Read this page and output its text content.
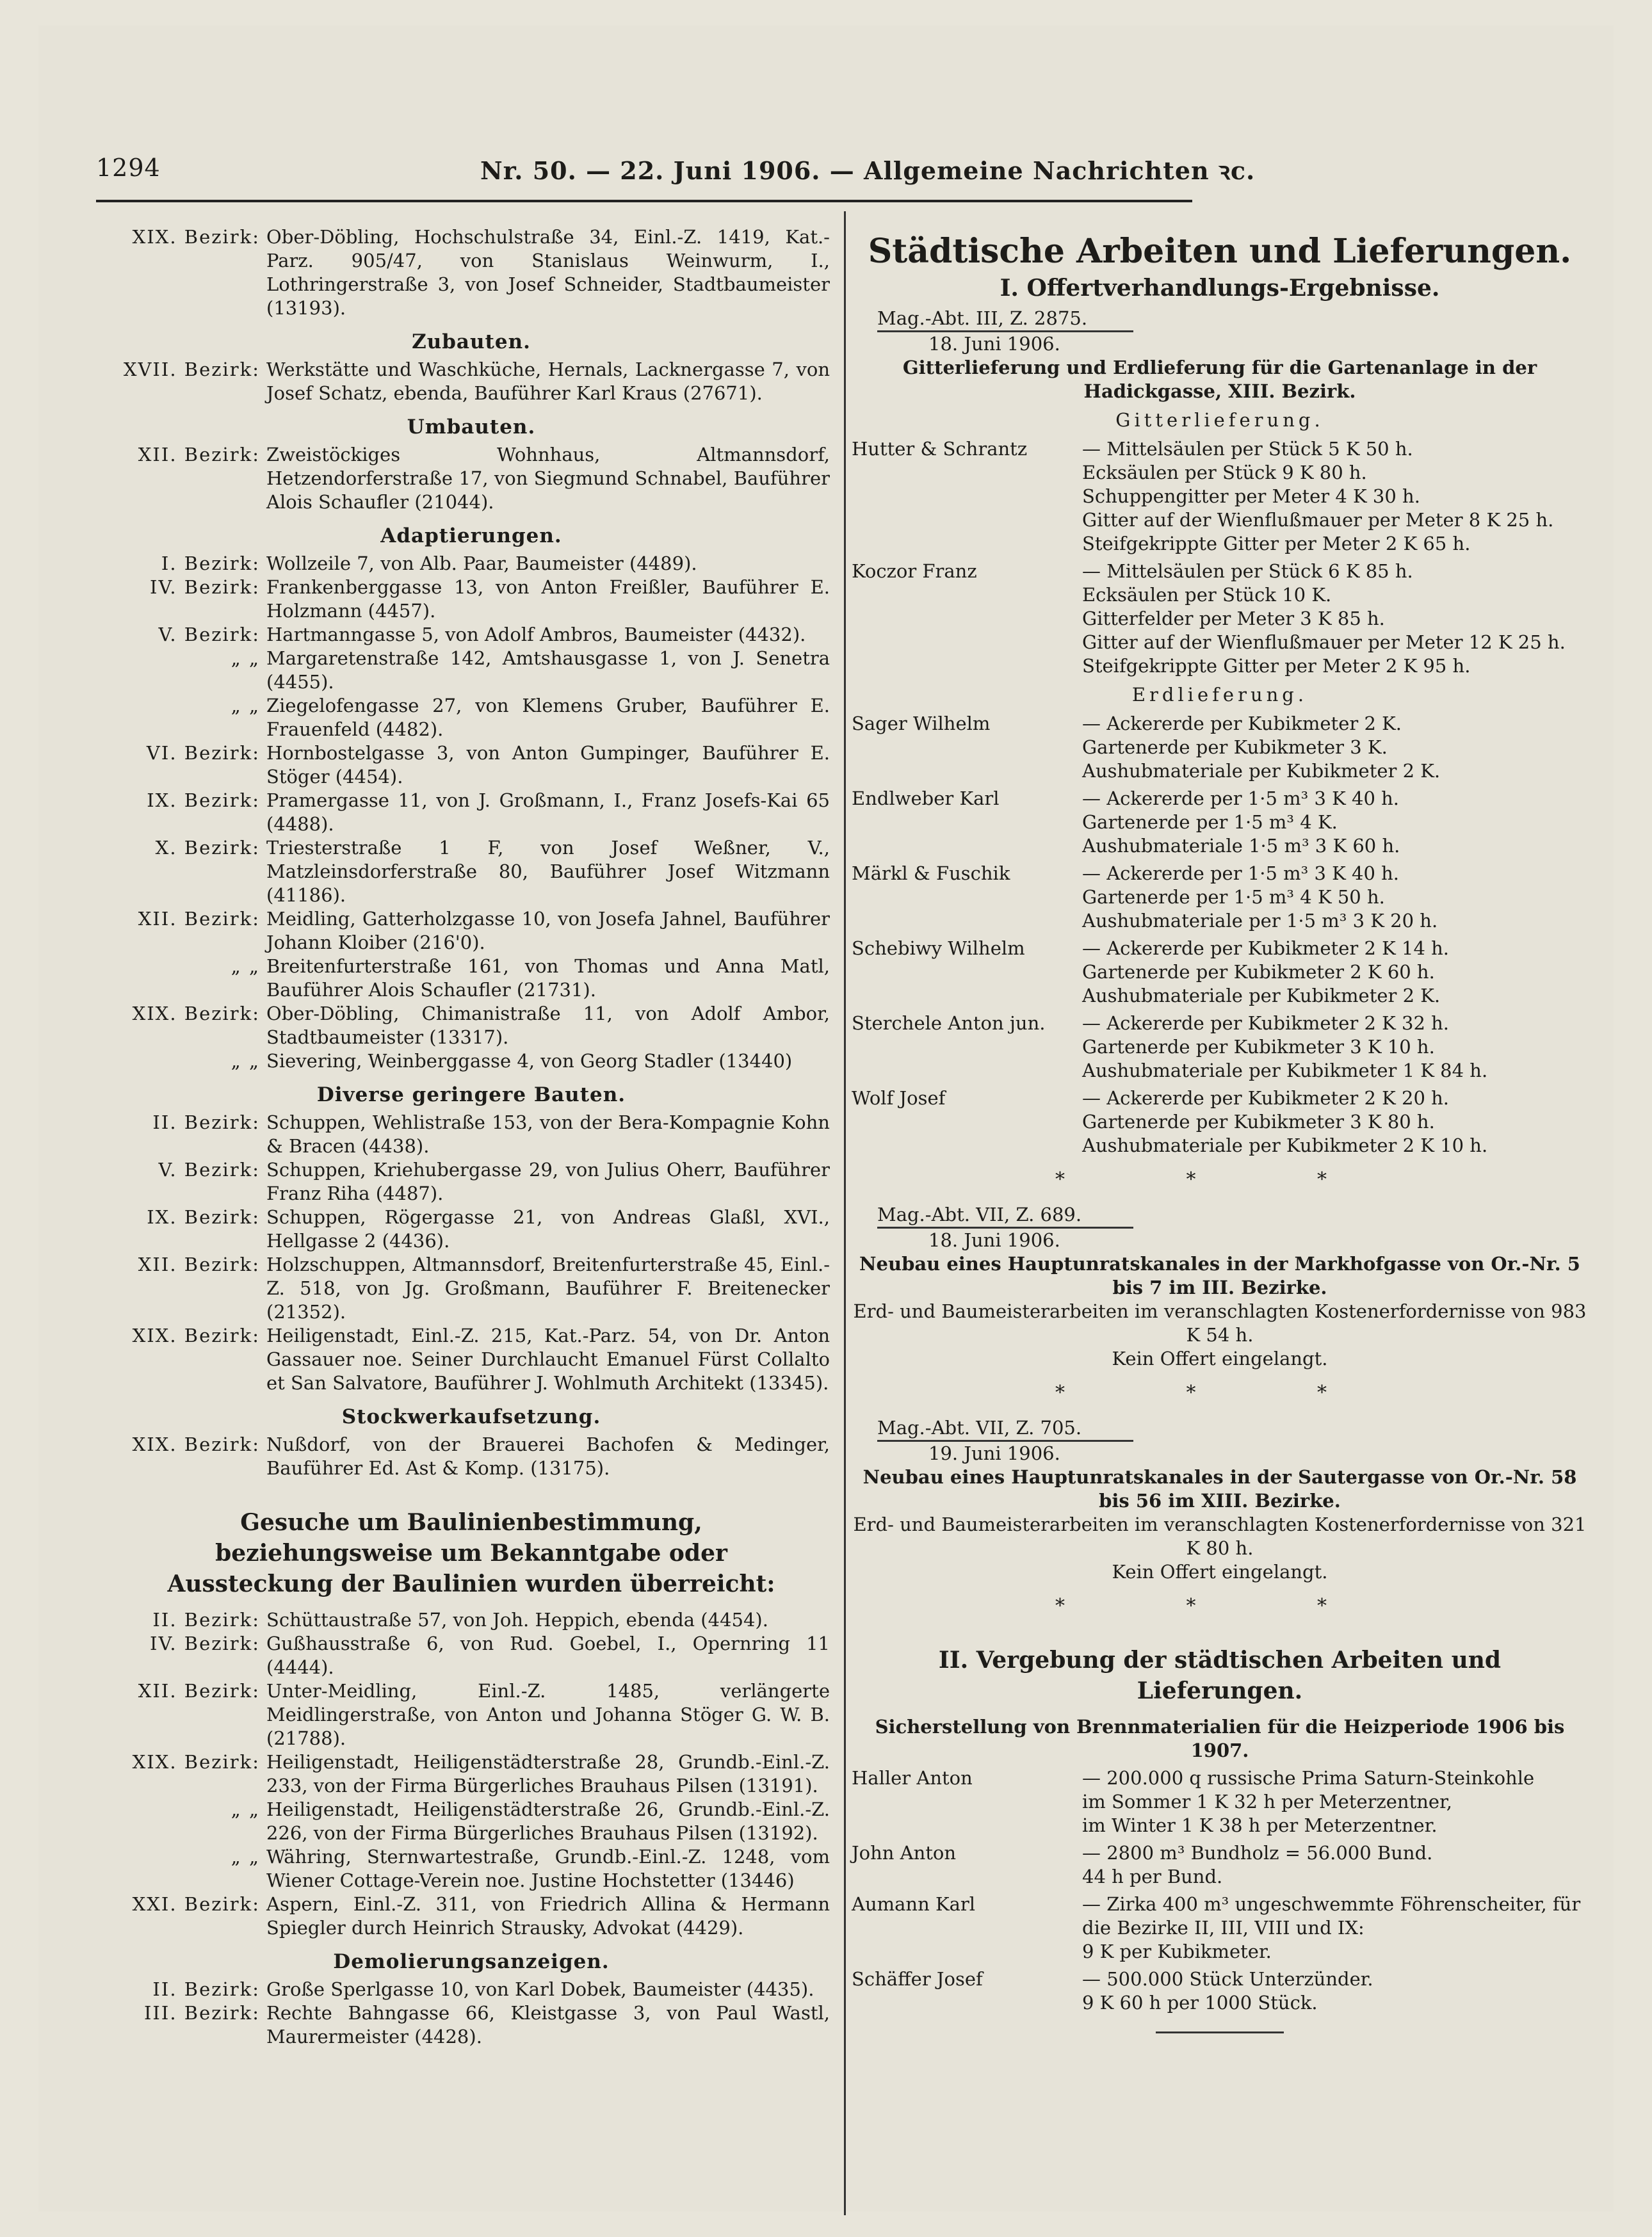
1294	Nr. 50. — 22. Juni 1906. — Allgemeine Nachrichten ꝛc.
XIX. Bezirk: Ober-Döbling, Hochschulstraße 34, Einl.-Z. 1419, Kat.-Parz. 905/47, von Stanislaus Weinwurm, I., Lothringerstraße 3, von Josef Schneider, Stadtbaumeister (13193).
Zubauten.
XVII. Bezirk: Werkstätte und Waschküche, Hernals, Lacknergasse 7, von Josef Schatz, ebenda, Bauführer Karl Kraus (27671).
Umbauten.
XII. Bezirk: Zweistöckiges Wohnhaus, Altmannsdorf, Hetzendorferstraße 17, von Siegmund Schnabel, Bauführer Alois Schaufler (21044).
Adaptierungen.
I. Bezirk: Wollzeile 7, von Alb. Paar, Baumeister (4489).
IV. Bezirk: Frankenberggasse 13, von Anton Freißler, Bauführer E. Holzmann (4457).
V. Bezirk: Hartmanngasse 5, von Adolf Ambros, Baumeister (4432).
„ „ Margaretenstraße 142, Amtshausgasse 1, von J. Senetra (4455).
„ „ Ziegelofengasse 27, von Klemens Gruber, Bauführer E. Frauenfeld (4482).
VI. Bezirk: Hornbostelgasse 3, von Anton Gumpinger, Bauführer E. Stöger (4454).
IX. Bezirk: Pramergasse 11, von J. Großmann, I., Franz Josefs-Kai 65 (4488).
X. Bezirk: Triesterstraße 1 F, von Josef Weßner, V., Matzleinsdorferstraße 80, Bauführer Josef Witzmann (41186).
XII. Bezirk: Meidling, Gatterholzgasse 10, von Josefa Jahnel, Bauführer Johann Kloiber (216'0).
„ „ Breitenfurterstraße 161, von Thomas und Anna Matl, Bauführer Alois Schaufler (21731).
XIX. Bezirk: Ober-Döbling, Chimanistraße 11, von Adolf Ambor, Stadtbaumeister (13317).
„ „ Sievering, Weinberggasse 4, von Georg Stadler (13440)
Diverse geringere Bauten.
II. Bezirk: Schuppen, Wehlistraße 153, von der Bera-Kompagnie Kohn & Bracen (4438).
V. Bezirk: Schuppen, Kriehubergasse 29, von Julius Oherr, Bauführer Franz Riha (4487).
IX. Bezirk: Schuppen, Rögergasse 21, von Andreas Glaßl, XVI., Hellgasse 2 (4436).
XII. Bezirk: Holzschuppen, Altmannsdorf, Breitenfurterstraße 45, Einl.-Z. 518, von Jg. Großmann, Bauführer F. Breitenecker (21352).
XIX. Bezirk: Heiligenstadt, Einl.-Z. 215, Kat.-Parz. 54, von Dr. Anton Gassauer noe. Seiner Durchlaucht Emanuel Fürst Collalto et San Salvatore, Bauführer J. Wohlmuth Architekt (13345).
Stockwerkaufsetzung.
XIX. Bezirk: Nußdorf, von der Brauerei Bachofen & Medinger, Bauführer Ed. Ast & Komp. (13175).
Gesuche um Baulinienbestimmung, beziehungsweise um Bekanntgabe oder Aussteckung der Baulinien wurden überreicht:
II. Bezirk: Schüttaustraße 57, von Joh. Heppich, ebenda (4454).
IV. Bezirk: Gußhausstraße 6, von Rud. Goebel, I., Opernring 11 (4444).
XII. Bezirk: Unter-Meidling, Einl.-Z. 1485, verlängerte Meidlingerstraße, von Anton und Johanna Stöger G. W. B. (21788).
XIX. Bezirk: Heiligenstadt, Heiligenstädterstraße 28, Grundb.-Einl.-Z. 233, von der Firma Bürgerliches Brauhaus Pilsen (13191).
„ „ Heiligenstadt, Heiligenstädterstraße 26, Grundb.-Einl.-Z. 226, von der Firma Bürgerliches Brauhaus Pilsen (13192).
„ „ Währing, Sternwartestraße, Grundb.-Einl.-Z. 1248, vom Wiener Cottage-Verein noe. Justine Hochstetter (13446)
XXI. Bezirk: Aspern, Einl.-Z. 311, von Friedrich Allina & Hermann Spiegler durch Heinrich Strausky, Advokat (4429).
Demolierungsanzeigen.
II. Bezirk: Große Sperlgasse 10, von Karl Dobek, Baumeister (4435).
III. Bezirk: Rechte Bahngasse 66, Kleistgasse 3, von Paul Wastl, Maurermeister (4428).
Städtische Arbeiten und Lieferungen.
I. Offertverhandlungs-Ergebnisse.
Mag.-Abt. III, Z. 2875.
18. Juni 1906.
Gitterlieferung und Erdlieferung für die Gartenanlage in der Hadickgasse, XIII. Bezirk.
Gitterlieferung.
Hutter & Schrantz	— Mittelsäulen per Stück 5 K 50 h.
Ecksäulen per Stück 9 K 80 h.
Schuppengitter per Meter 4 K 30 h.
Gitter auf der Wienflußmauer per Meter 8 K 25 h.
Steifgekrippte Gitter per Meter 2 K 65 h.
Koczor Franz	— Mittelsäulen per Stück 6 K 85 h.
Ecksäulen per Stück 10 K.
Gitterfelder per Meter 3 K 85 h.
Gitter auf der Wienflußmauer per Meter 12 K 25 h.
Steifgekrippte Gitter per Meter 2 K 95 h.
Erdlieferung.
Sager Wilhelm	— Ackererde per Kubikmeter 2 K.
Gartenerde per Kubikmeter 3 K.
Aushubmateriale per Kubikmeter 2 K.
Endlweber Karl	— Ackererde per 1·5 m³ 3 K 40 h.
Gartenerde per 1·5 m³ 4 K.
Aushubmateriale 1·5 m³ 3 K 60 h.
Märkl & Fuschik	— Ackererde per 1·5 m³ 3 K 40 h.
Gartenerde per 1·5 m³ 4 K 50 h.
Aushubmateriale per 1·5 m³ 3 K 20 h.
Schebiwy Wilhelm	— Ackererde per Kubikmeter 2 K 14 h.
Gartenerde per Kubikmeter 2 K 60 h.
Aushubmateriale per Kubikmeter 2 K.
Sterchele Anton jun.	— Ackererde per Kubikmeter 2 K 32 h.
Gartenerde per Kubikmeter 3 K 10 h.
Aushubmateriale per Kubikmeter 1 K 84 h.
Wolf Josef	— Ackererde per Kubikmeter 2 K 20 h.
Gartenerde per Kubikmeter 3 K 80 h.
Aushubmateriale per Kubikmeter 2 K 10 h.
* * *
Mag.-Abt. VII, Z. 689.
18. Juni 1906.
Neubau eines Hauptunratskanales in der Markhofgasse von Or.-Nr. 5 bis 7 im III. Bezirke.
Erd- und Baumeisterarbeiten im veranschlagten Kostenerfordernisse von 983 K 54 h.
Kein Offert eingelangt.
* * *
Mag.-Abt. VII, Z. 705.
19. Juni 1906.
Neubau eines Hauptunratskanales in der Sautergasse von Or.-Nr. 58 bis 56 im XIII. Bezirke.
Erd- und Baumeisterarbeiten im veranschlagten Kostenerfordernisse von 321 K 80 h.
Kein Offert eingelangt.
* * *
II. Vergebung der städtischen Arbeiten und Lieferungen.
Sicherstellung von Brennmaterialien für die Heizperiode 1906 bis 1907.
Haller Anton	— 200.000 q russische Prima Saturn-Steinkohle
im Sommer 1 K 32 h per Meterzentner,
im Winter 1 K 38 h per Meterzentner.
John Anton	— 2800 m³ Bundholz = 56.000 Bund.
44 h per Bund.
Aumann Karl	— Zirka 400 m³ ungeschwemmte Föhrenscheiter, für
die Bezirke II, III, VIII und IX:
9 K per Kubikmeter.
Schäffer Josef	— 500.000 Stück Unterzünder.
9 K 60 h per 1000 Stück.
